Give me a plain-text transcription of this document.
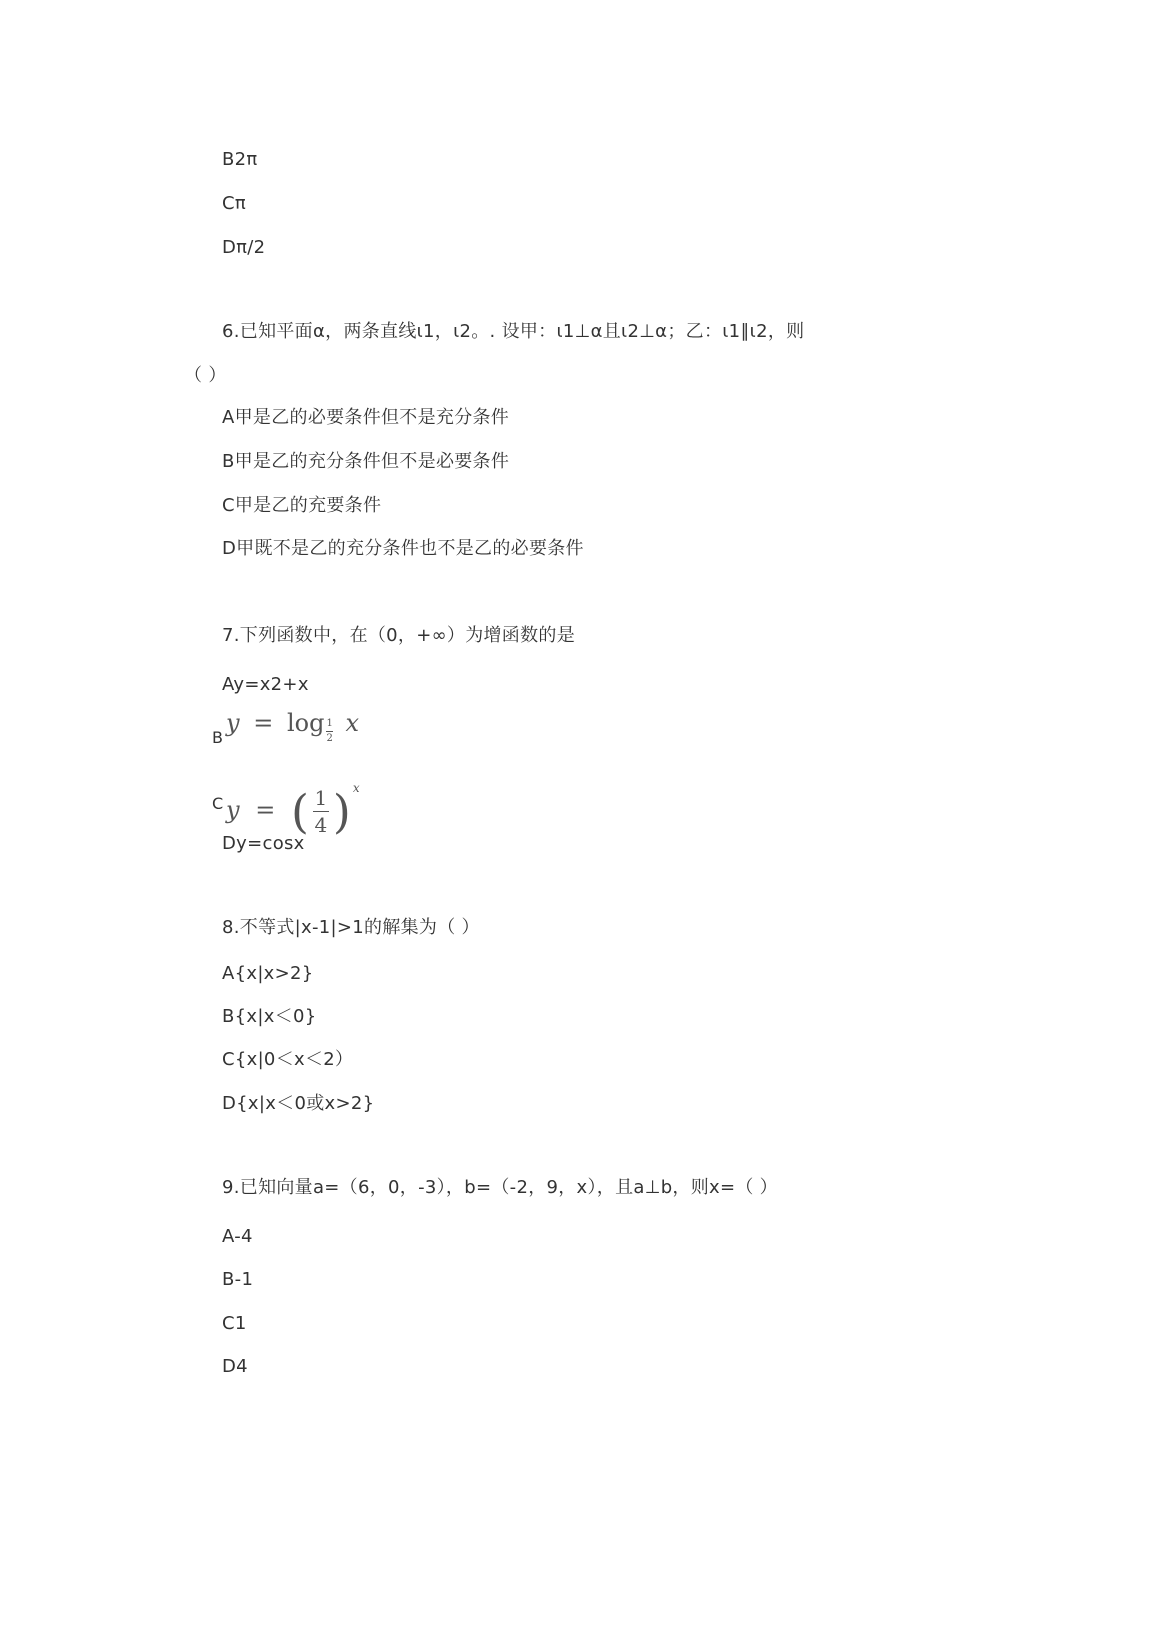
B2π
Cπ
Dπ/2
6.已知平面α，两条直线ι1，ι2。. 设甲：ι1⊥α且ι2⊥α；乙：ι1∥ι2，则
（ ）
A甲是乙的必要条件但不是充分条件
B甲是乙的充分条件但不是必要条件
C甲是乙的充要条件
D甲既不是乙的充分条件也不是乙的必要条件
7.下列函数中，在（0，+∞）为增函数的是
Ay=x2+x
B
$y = \log \frac{1}{2}$ x
C y = ( $\frac{1}{4}$ ) $^x$
Dy=cosx
8.不等式|x-1|>1的解集为（ ）
A{x|x>2}
B{x|x＜0}
C{x|0＜x＜2）
D{x|x＜0或x>2}
9.已知向量a=（6，0，-3），b=（-2，9，x），且a⊥b，则x=（ ）
A-4
B-1
C1
D4
